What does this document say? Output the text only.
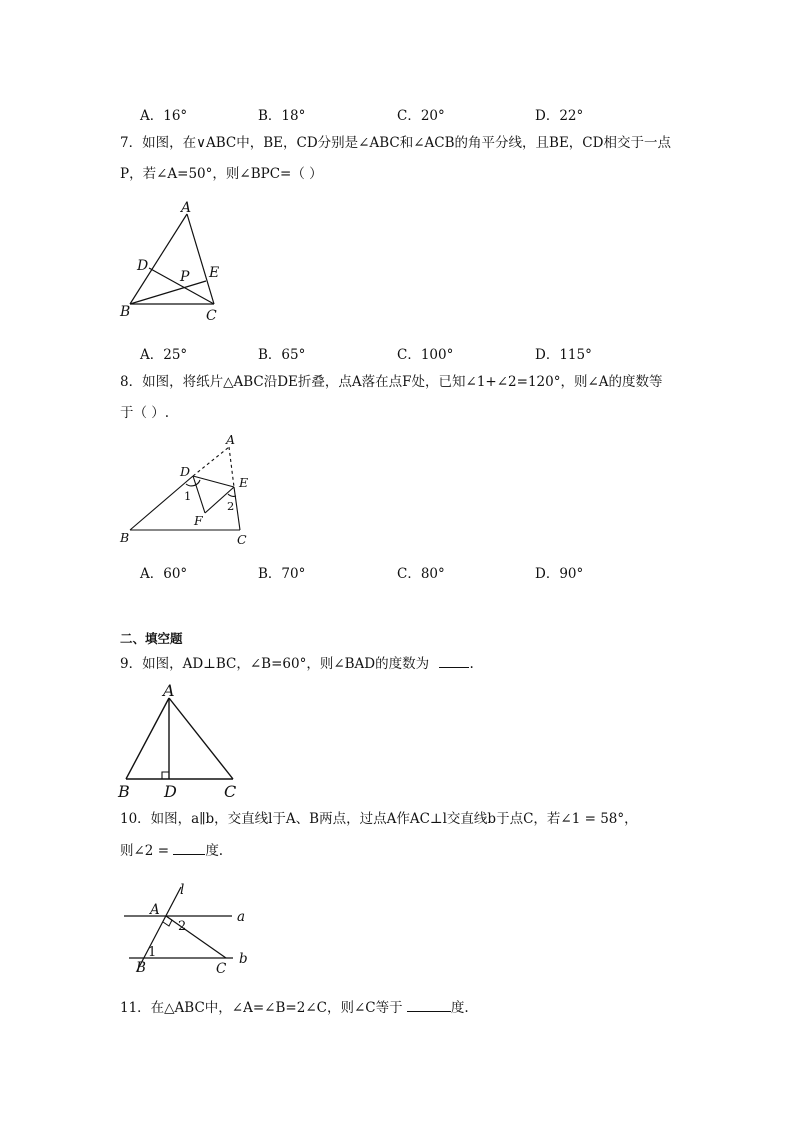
A．16°	B．18°	C．20°	D．22°
7．如图，在∨ABC中，BE，CD分别是∠ABC和∠ACB的角平分线，且BE，CD相交于一点
P，若∠A=50°，则∠BPC=（ ）
A
D
P E
B	C
A．25°	B．65°	C．100°	D．115°
8．如图，将纸片△ABC沿DE折叠，点A落在点F处，已知∠1+∠2=120°，则∠A的度数等
于（ ）.
A
D
E
1
2
F
B	C
A．60°	B．70°	C．80°	D．90°
二、填空题
9．如图，AD⊥BC，∠B=60°，则∠BAD的度数为	.
A
B D	C
10．如图，a∥b，交直线l于A、B两点，过点A作AC⊥l交直线b于点C，若∠1 = 58°，
则∠2 =	度.
l
A
2
a
1
B	C
b
11．在△ABC中，∠A=∠B=2∠C，则∠C等于	度.
